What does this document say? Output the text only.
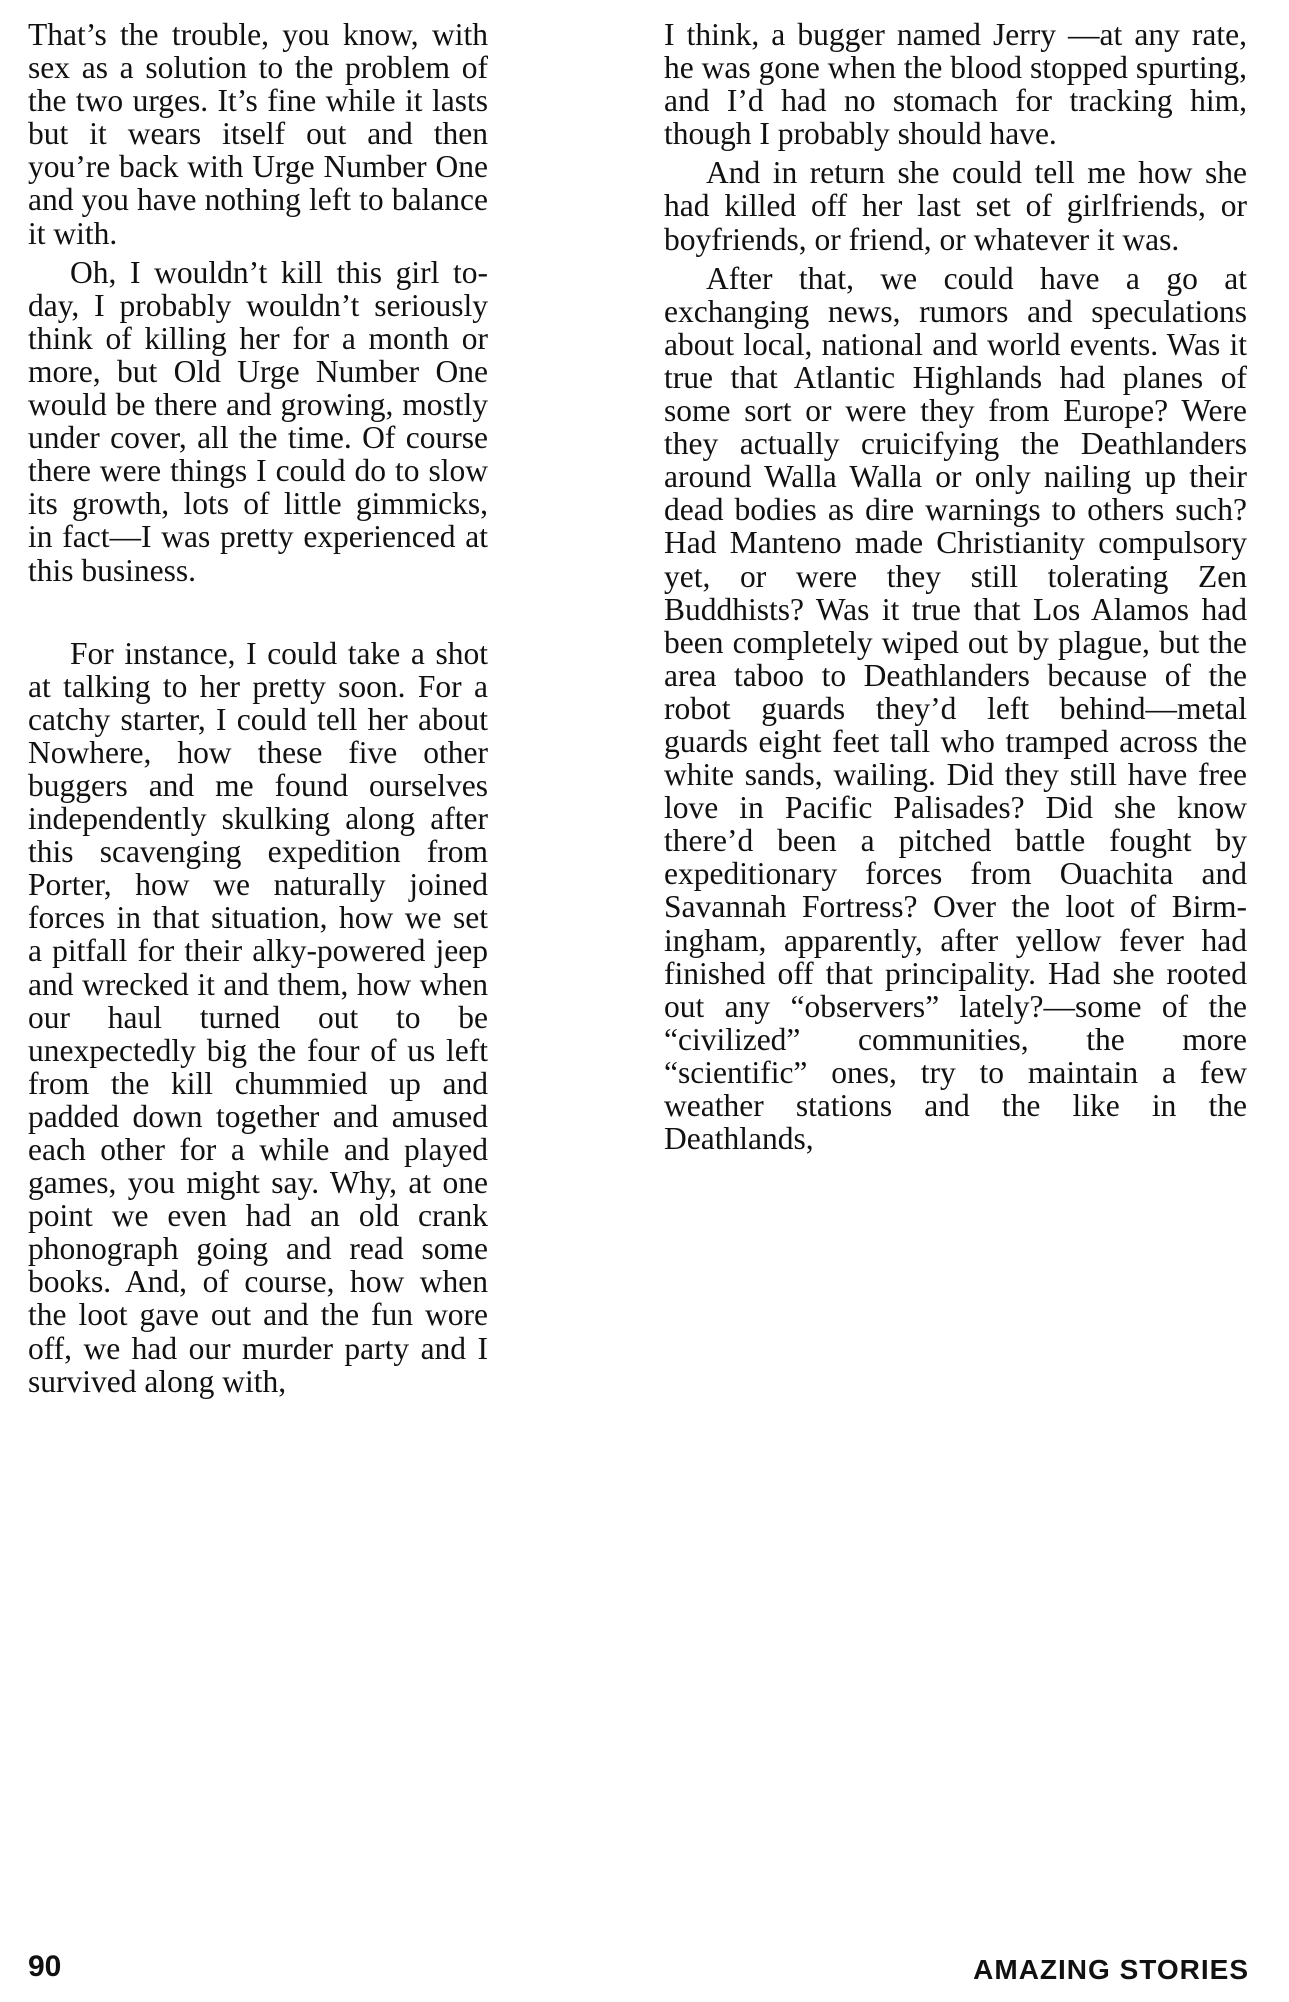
That’s the trouble, you know, with sex as a solution to the problem of the two urges. It’s fine while it lasts but it wears itself out and then you’re back with Urge Number One and you have nothing left to balance it with.

Oh, I wouldn’t kill this girl today, I probably wouldn’t seriously think of killing her for a month or more, but Old Urge Number One would be there and growing, mostly under cover, all the time. Of course there were things I could do to slow its growth, lots of little gimmicks, in fact—I was pretty experienced at this business.

For instance, I could take a shot at talking to her pretty soon. For a catchy starter, I could tell her about Nowhere, how these five other buggers and me found ourselves independently skulking along after this scavenging expedition from Porter, how we naturally joined forces in that situation, how we set a pitfall for their alky-powered jeep and wrecked it and them, how when our haul turned out to be unexpectedly big the four of us left from the kill chummied up and padded down together and amused each other for a while and played games, you might say. Why, at one point we even had an old crank phonograph going and read some books. And, of course, how when the loot gave out and the fun wore off, we had our murder party and I survived along with,

I think, a bugger named Jerry —at any rate, he was gone when the blood stopped spurting, and I’d had no stomach for tracking him, though I probably should have.

And in return she could tell me how she had killed off her last set of girlfriends, or boyfriends, or friend, or whatever it was.

After that, we could have a go at exchanging news, rumors and speculations about local, national and world events. Was it true that Atlantic Highlands had planes of some sort or were they from Europe? Were they actually cruicifying the Deathlanders around Walla Walla or only nailing up their dead bodies as dire warnings to others such? Had Manteno made Christianity compulsory yet, or were they still tolerating Zen Buddhists? Was it true that Los Alamos had been completely wiped out by plague, but the area taboo to Deathlanders because of the robot guards they’d left behind—metal guards eight feet tall who tramped across the white sands, wailing. Did they still have free love in Pacific Palisades? Did she know there’d been a pitched battle fought by expeditionary forces from Ouachita and Savannah Fortress? Over the loot of Birmingham, apparently, after yellow fever had finished off that principality. Had she rooted out any “observers” lately?—some of the “civilized” communities, the more “scientific” ones, try to maintain a few weather stations and the like in the Deathlands,

90	AMAZING STORIES
